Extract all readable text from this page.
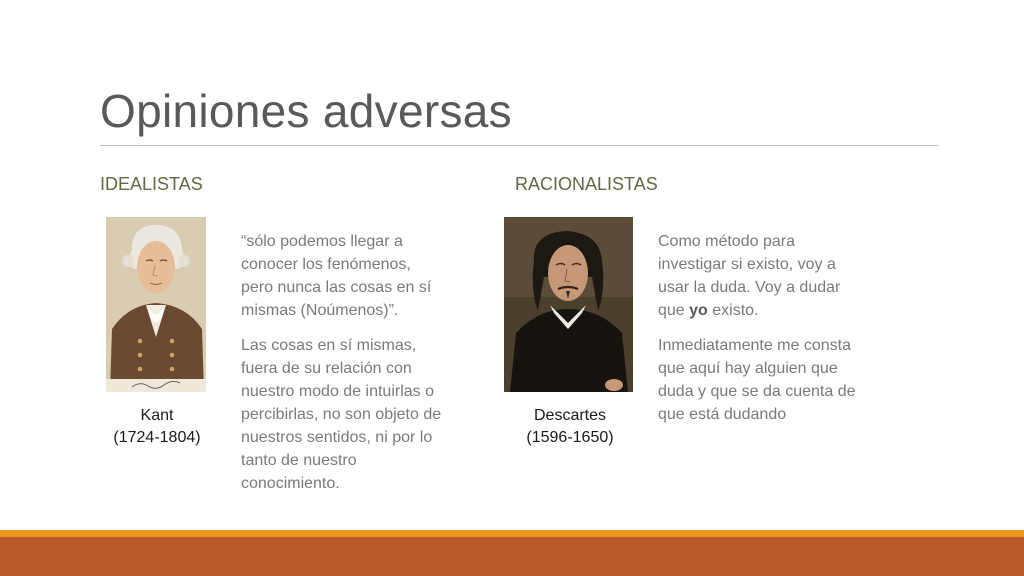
Opiniones adversas
IDEALISTAS
Kant
(1724-1804)
“sólo podemos llegar a
conocer los fenómenos,
pero nunca las cosas en sí
mismas (Noúmenos)”.
Las cosas en sí mismas,
fuera de su relación con
nuestro modo de intuirlas o
percibirlas, no son objeto de
nuestros sentidos, ni por lo
tanto de nuestro
conocimiento.
RACIONALISTAS
Descartes
(1596-1650)
Como método para
investigar si existo, voy a
usar la duda. Voy a dudar
que yo existo.
Inmediatamente me consta
que aquí hay alguien que
duda y que se da cuenta de
que está dudando
